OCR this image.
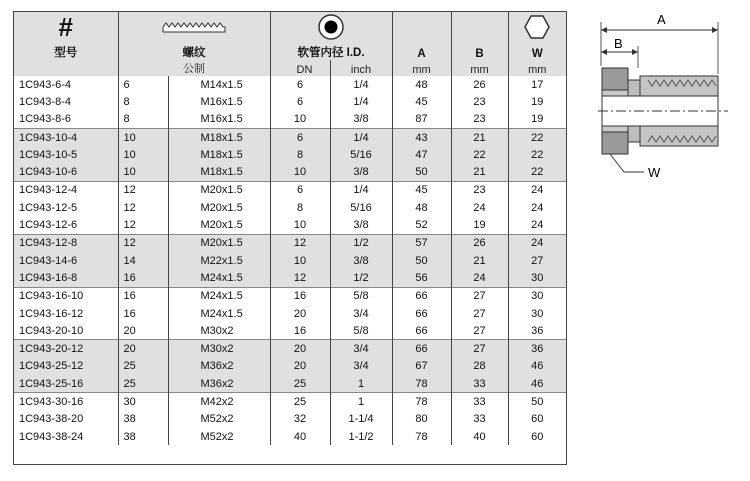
#	

型号	螺纹		软管内径 I.D.		A	B	W
	公制		DN	inch	mm	mm	mm
1C943-6-4	6	M14x1.5	6	1/4	48	26	17
1C943-8-4	8	M16x1.5	6	1/4	45	23	19
1C943-8-6	8	M16x1.5	10	3/8	87	23	19
1C943-10-4	10	M18x1.5	6	1/4	43	21	22
1C943-10-5	10	M18x1.5	8	5/16	47	22	22
1C943-10-6	10	M18x1.5	10	3/8	50	21	22
1C943-12-4	12	M20x1.5	6	1/4	45	23	24
1C943-12-5	12	M20x1.5	8	5/16	48	24	24
1C943-12-6	12	M20x1.5	10	3/8	52	19	24
1C943-12-8	12	M20x1.5	12	1/2	57	26	24
1C943-14-6	14	M22x1.5	10	3/8	50	21	27
1C943-16-8	16	M24x1.5	12	1/2	56	24	30
1C943-16-10	16	M24x1.5	16	5/8	66	27	30
1C943-16-12	16	M24x1.5	20	3/4	66	27	30
1C943-20-10	20	M30x2	16	5/8	66	27	36
1C943-20-12	20	M30x2	20	3/4	66	27	36
1C943-25-12	25	M36x2	20	3/4	67	28	46
1C943-25-16	25	M36x2	25	1	78	33	46
1C943-30-16	30	M42x2	25	1	78	33	50
1C943-38-20	38	M52x2	32	1-1/4	80	33	60
1C943-38-24	38	M52x2	40	1-1/2	78	40	60
A
B
W
